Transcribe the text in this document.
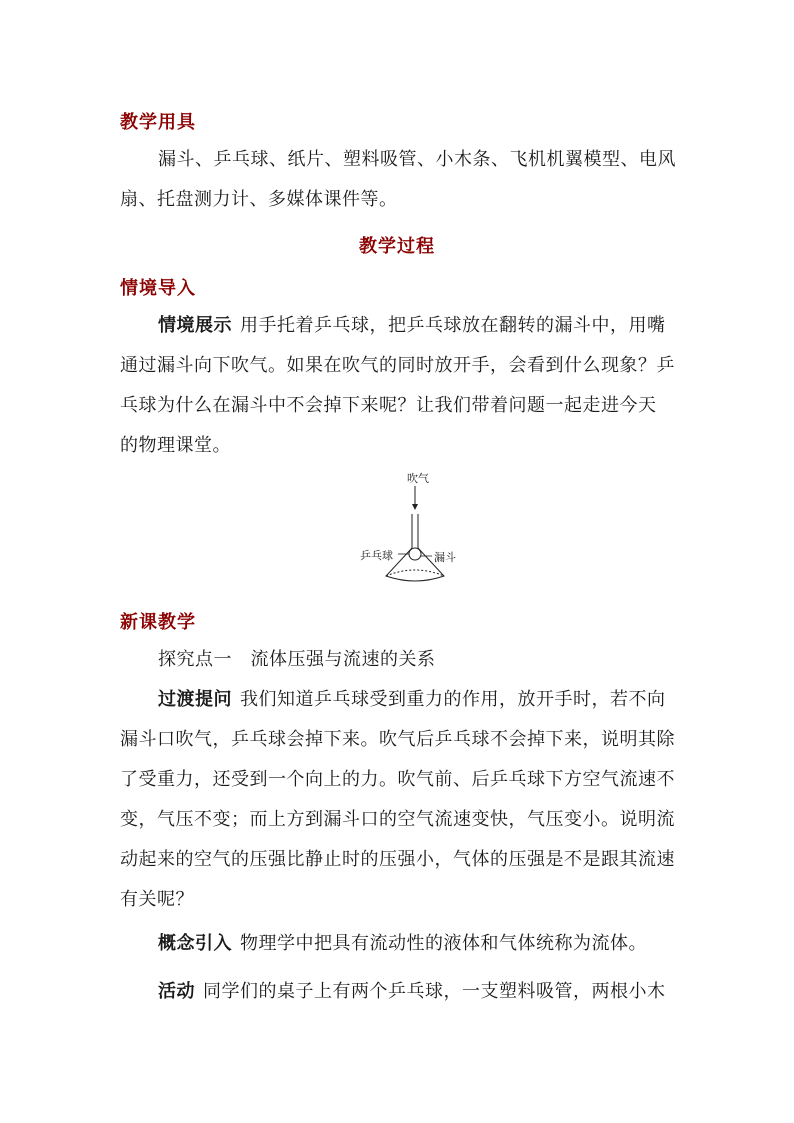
教学用具
漏斗、乒乓球、纸片、塑料吸管、小木条、飞机机翼模型、电风
扇、托盘测力计、多媒体课件等。
教学过程
情境导入
情境展示 用手托着乒乓球，把乒乓球放在翻转的漏斗中，用嘴
通过漏斗向下吹气。如果在吹气的同时放开手，会看到什么现象？乒
乓球为什么在漏斗中不会掉下来呢？让我们带着问题一起走进今天
的物理课堂。
吹气
乒乓球	漏斗
新课教学
探究点一　流体压强与流速的关系
过渡提问 我们知道乒乓球受到重力的作用，放开手时，若不向
漏斗口吹气，乒乓球会掉下来。吹气后乒乓球不会掉下来，说明其除
了受重力，还受到一个向上的力。吹气前、后乒乓球下方空气流速不
变，气压不变；而上方到漏斗口的空气流速变快，气压变小。说明流
动起来的空气的压强比静止时的压强小，气体的压强是不是跟其流速
有关呢？
概念引入 物理学中把具有流动性的液体和气体统称为流体。
活动 同学们的桌子上有两个乒乓球，一支塑料吸管，两根小木
